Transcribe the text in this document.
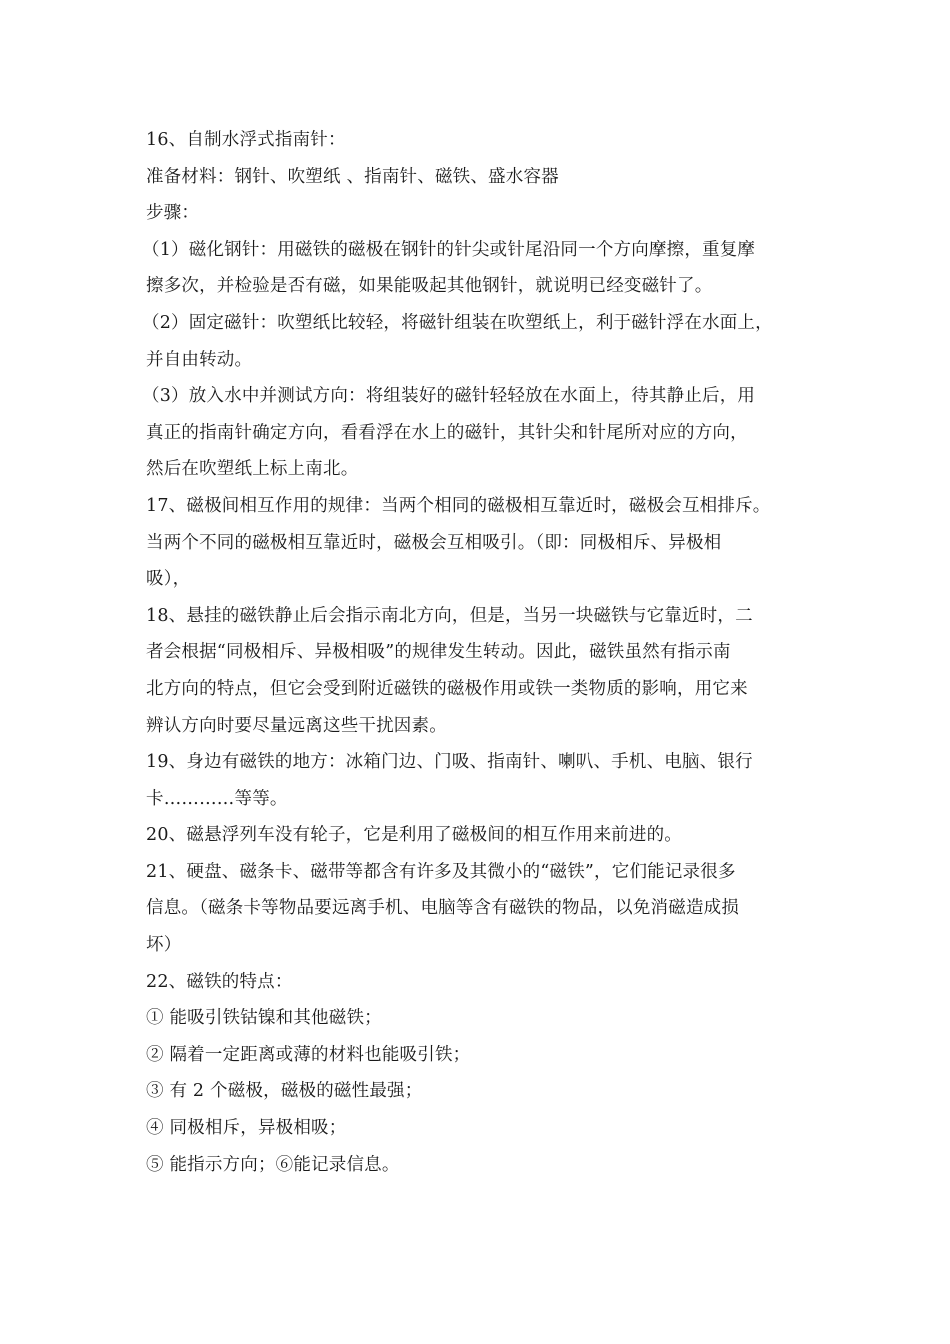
16、自制水浮式指南针：
准备材料：钢针、吹塑纸 、指南针、磁铁、盛水容器
步骤：
（1）磁化钢针：用磁铁的磁极在钢针的针尖或针尾沿同一个方向摩擦，重复摩
擦多次，并检验是否有磁，如果能吸起其他钢针，就说明已经变磁针了。
（2）固定磁针：吹塑纸比较轻，将磁针组装在吹塑纸上，利于磁针浮在水面上，
并自由转动。
（3）放入水中并测试方向：将组装好的磁针轻轻放在水面上，待其静止后，用
真正的指南针确定方向，看看浮在水上的磁针，其针尖和针尾所对应的方向，
然后在吹塑纸上标上南北。
17、磁极间相互作用的规律：当两个相同的磁极相互靠近时，磁极会互相排斥。
当两个不同的磁极相互靠近时，磁极会互相吸引。（即：同极相斥、异极相
吸），
18、悬挂的磁铁静止后会指示南北方向，但是，当另一块磁铁与它靠近时，二
者会根据“同极相斥、异极相吸”的规律发生转动。因此，磁铁虽然有指示南
北方向的特点，但它会受到附近磁铁的磁极作用或铁一类物质的影响，用它来
辨认方向时要尽量远离这些干扰因素。
19、身边有磁铁的地方：冰箱门边、门吸、指南针、喇叭、手机、电脑、银行
卡…………等等。
20、磁悬浮列车没有轮子，它是利用了磁极间的相互作用来前进的。
21、硬盘、磁条卡、磁带等都含有许多及其微小的“磁铁”，它们能记录很多
信息。（磁条卡等物品要远离手机、电脑等含有磁铁的物品，以免消磁造成损
坏）
22、磁铁的特点：
① 能吸引铁钴镍和其他磁铁；
② 隔着一定距离或薄的材料也能吸引铁；
③ 有 2 个磁极，磁极的磁性最强；
④ 同极相斥，异极相吸；
⑤ 能指示方向；⑥能记录信息。
